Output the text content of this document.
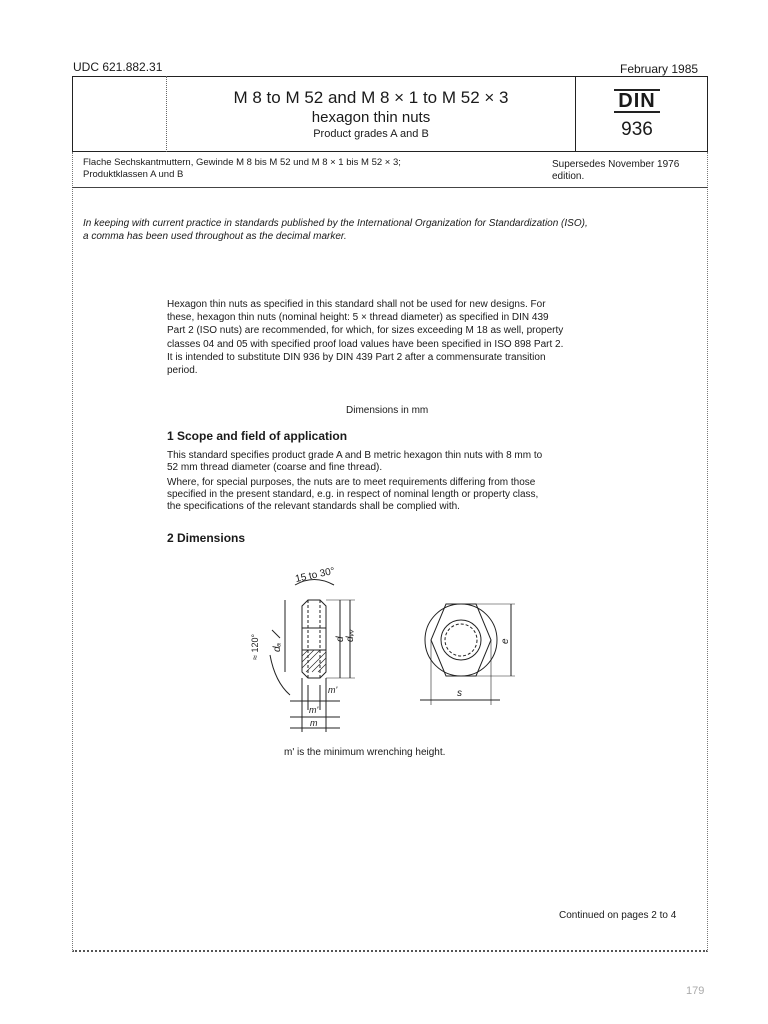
UDC 621.882.31	February 1985
M 8 to M 52 and M 8 × 1 to M 52 × 3
hexagon thin nuts
Product grades A and B
DIN
936
Flache Sechskantmuttern, Gewinde M 8 bis M 52 und M 8 × 1 bis M 52 × 3;
Produktklassen A und B
Supersedes November 1976
edition.
In keeping with current practice in standards published by the International Organization for Standardization (ISO),
a comma has been used throughout as the decimal marker.
Hexagon thin nuts as specified in this standard shall not be used for new designs. For
these, hexagon thin nuts (nominal height: 5 × thread diameter) as specified in DIN 439
Part 2 (ISO nuts) are recommended, for which, for sizes exceeding M 18 as well, property
classes 04 and 05 with specified proof load values have been specified in ISO 898 Part 2.
It is intended to substitute DIN 936 by DIN 439 Part 2 after a commensurate transition
period.
Dimensions in mm
1 Scope and field of application
This standard specifies product grade A and B metric hexagon thin nuts with 8 mm to
52 mm thread diameter (coarse and fine thread).
Where, for special purposes, the nuts are to meet requirements differing from those
specified in the present standard, e.g. in respect of nominal length or property class,
the specifications of the relevant standards shall be complied with.
2 Dimensions
15 to 30°
≈ 120° dₐ
d dᵥᵥ
m'
m'
m
e
s
m' is the minimum wrenching height.
Continued on pages 2 to 4
179
